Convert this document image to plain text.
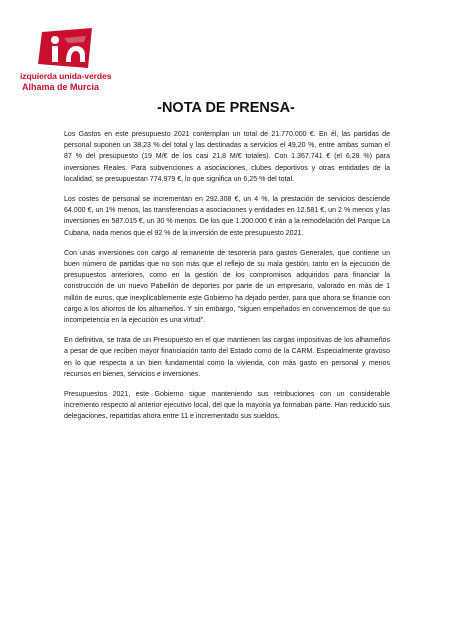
izquierda unida-verdes
Alhama de Murcia
-NOTA DE PRENSA-

Los Gastos en este presupuesto 2021 contemplan un total de 21.770.000 €. En él, las partidas de personal suponen un 38,23 % del total y las destinadas a servicios el 49,20 %, entre ambas suman el 87 % del presupuesto (19 M/€ de los casi 21,8 M/€ totales). Con 1.367.741 € (el 6,28 %) para inversiones Reales. Para subvenciones a asociaciones, clubes deportivos y otras entidades de la localidad, se presupuestan 774.979 €, lo que significa un 6,25 % del total.

Los costes de personal se incrementan en 292.308 €, un 4 %, la prestación de servicios desciende 64.000 €, un 1% menos, las transferencias a asociaciones y entidades en 12.581 €, un 2 % menos y las inversiones en 587.015 €, un 30 % menos. De los que 1.200.000 € irán a la remodelación del Parque La Cubana, nada menos que el 92 % de la inversión de este presupuesto 2021.

Con unas inversiones con cargo al remanente de tesorería para gastos Generales, que contiene un buen número de partidas que no son más que el reflejo de su mala gestión, tanto en la ejecución de presupuestos anteriores, como en la gestión de los compromisos adquiridos para financiar la construcción de un nuevo Pabellón de deportes por parte de un empresario, valorado en más de 1 millón de euros, que inexplicablemente este Gobierno ha dejado perder, para que ahora se financie con cargo a los ahorros de los alhameños. Y sin embargo, "siguen empeñados en convencernos de que su incompetencia en la ejecución es una virtud".

En definitiva, se trata de un Presupuesto en el que mantienen las cargas impositivas de los alhameños a pesar de que reciben mayor financiación tanto del Estado como de la CARM. Especialmente gravoso en lo que respecta a un bien fundamental como la vivienda, con más gasto en personal y menos recursos en bienes, servicios e inversiones.

Presupuestos 2021, este Gobierno sigue manteniendo sus retribuciones con un considerable incremento respecto al anterior ejecutivo local, del que la mayoría ya formaban parte. Han reducido sus delegaciones, repartidas ahora entre 11 e incrementado sus sueldos.
